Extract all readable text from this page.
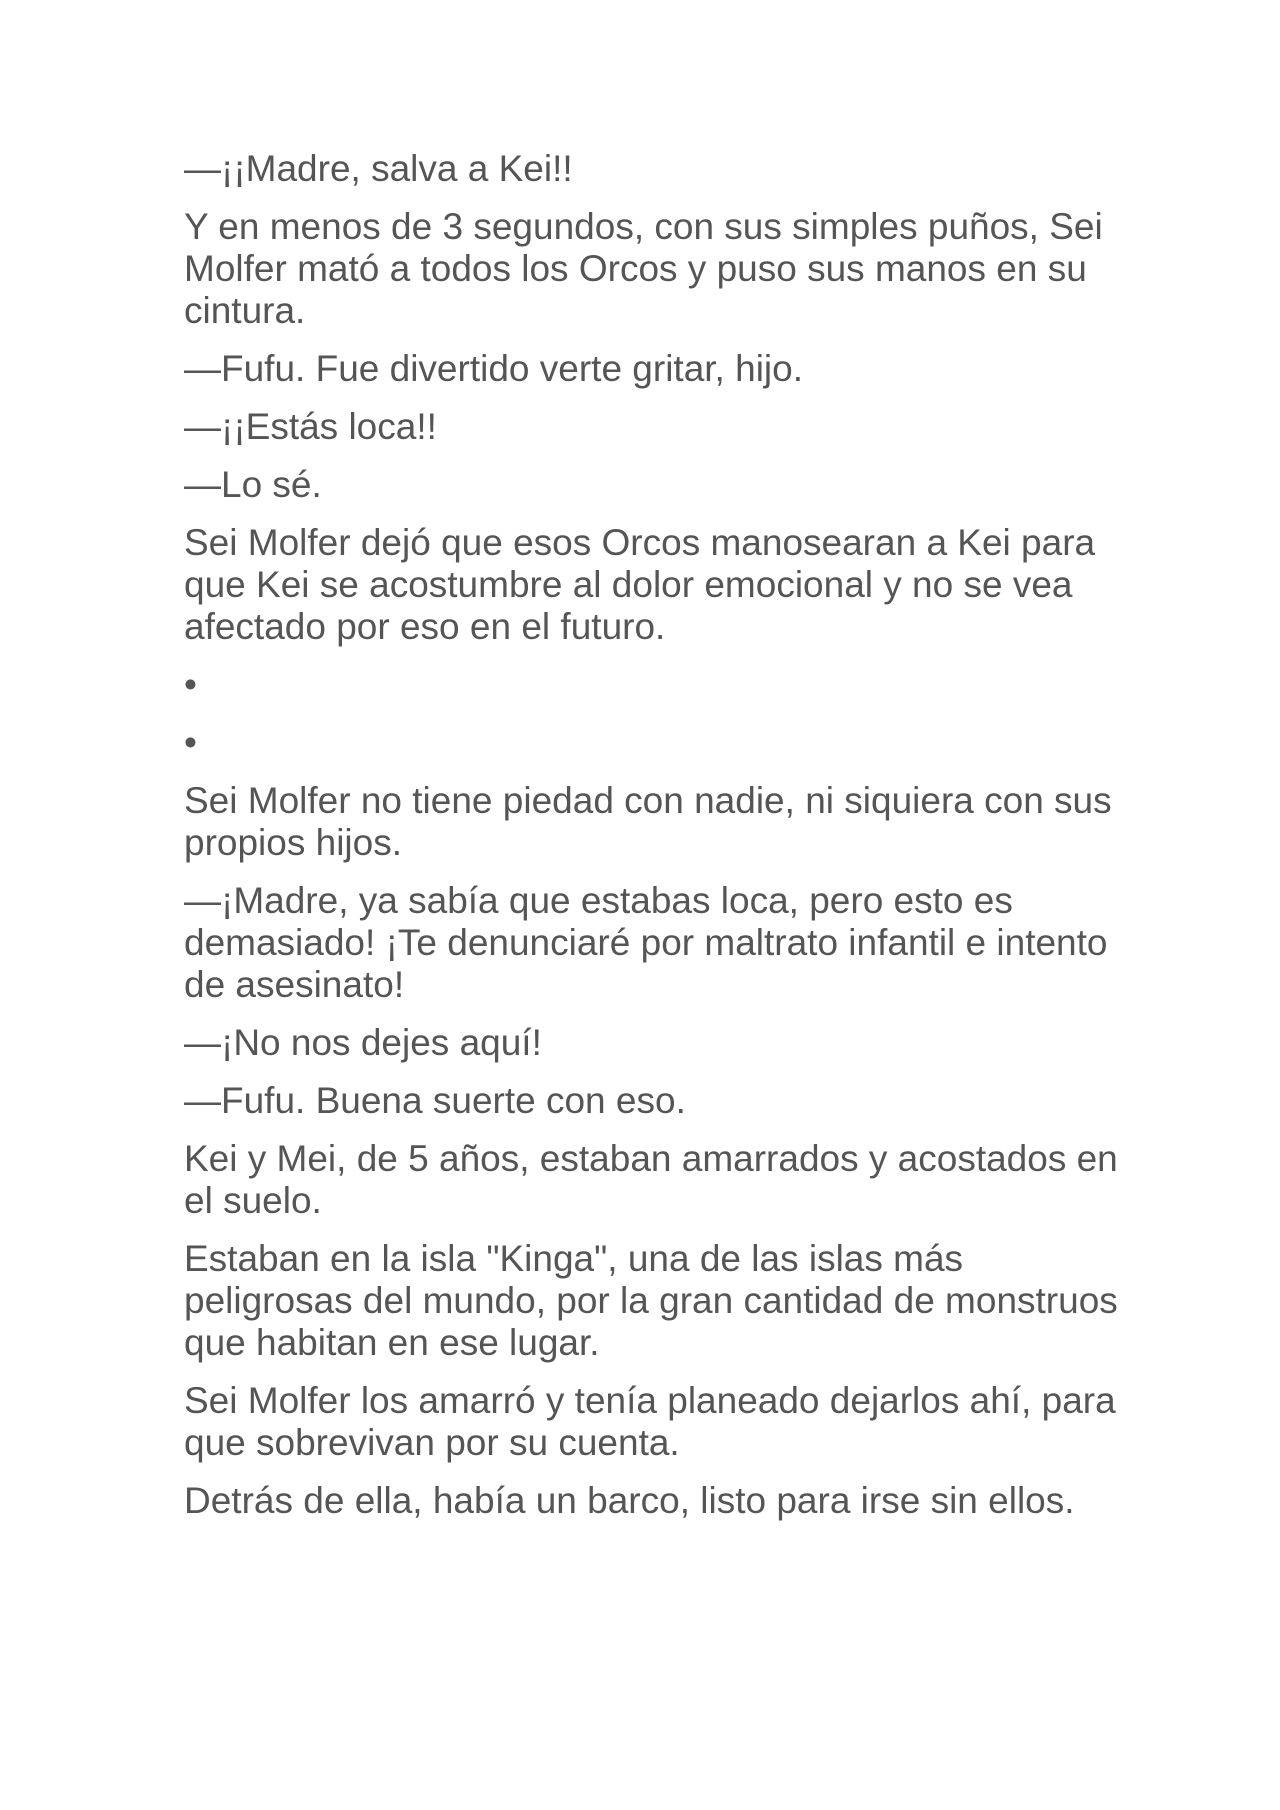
—¡¡Madre, salva a Kei!!

Y en menos de 3 segundos, con sus simples puños, Sei Molfer mató a todos los Orcos y puso sus manos en su cintura.

—Fufu. Fue divertido verte gritar, hijo.

—¡¡Estás loca!!

—Lo sé.

Sei Molfer dejó que esos Orcos manosearan a Kei para que Kei se acostumbre al dolor emocional y no se vea afectado por eso en el futuro.

•

•

Sei Molfer no tiene piedad con nadie, ni siquiera con sus propios hijos.

—¡Madre, ya sabía que estabas loca, pero esto es demasiado! ¡Te denunciaré por maltrato infantil e intento de asesinato!

—¡No nos dejes aquí!

—Fufu. Buena suerte con eso.

Kei y Mei, de 5 años, estaban amarrados y acostados en el suelo.

Estaban en la isla "Kinga", una de las islas más peligrosas del mundo, por la gran cantidad de monstruos que habitan en ese lugar.

Sei Molfer los amarró y tenía planeado dejarlos ahí, para que sobrevivan por su cuenta.

Detrás de ella, había un barco, listo para irse sin ellos.
